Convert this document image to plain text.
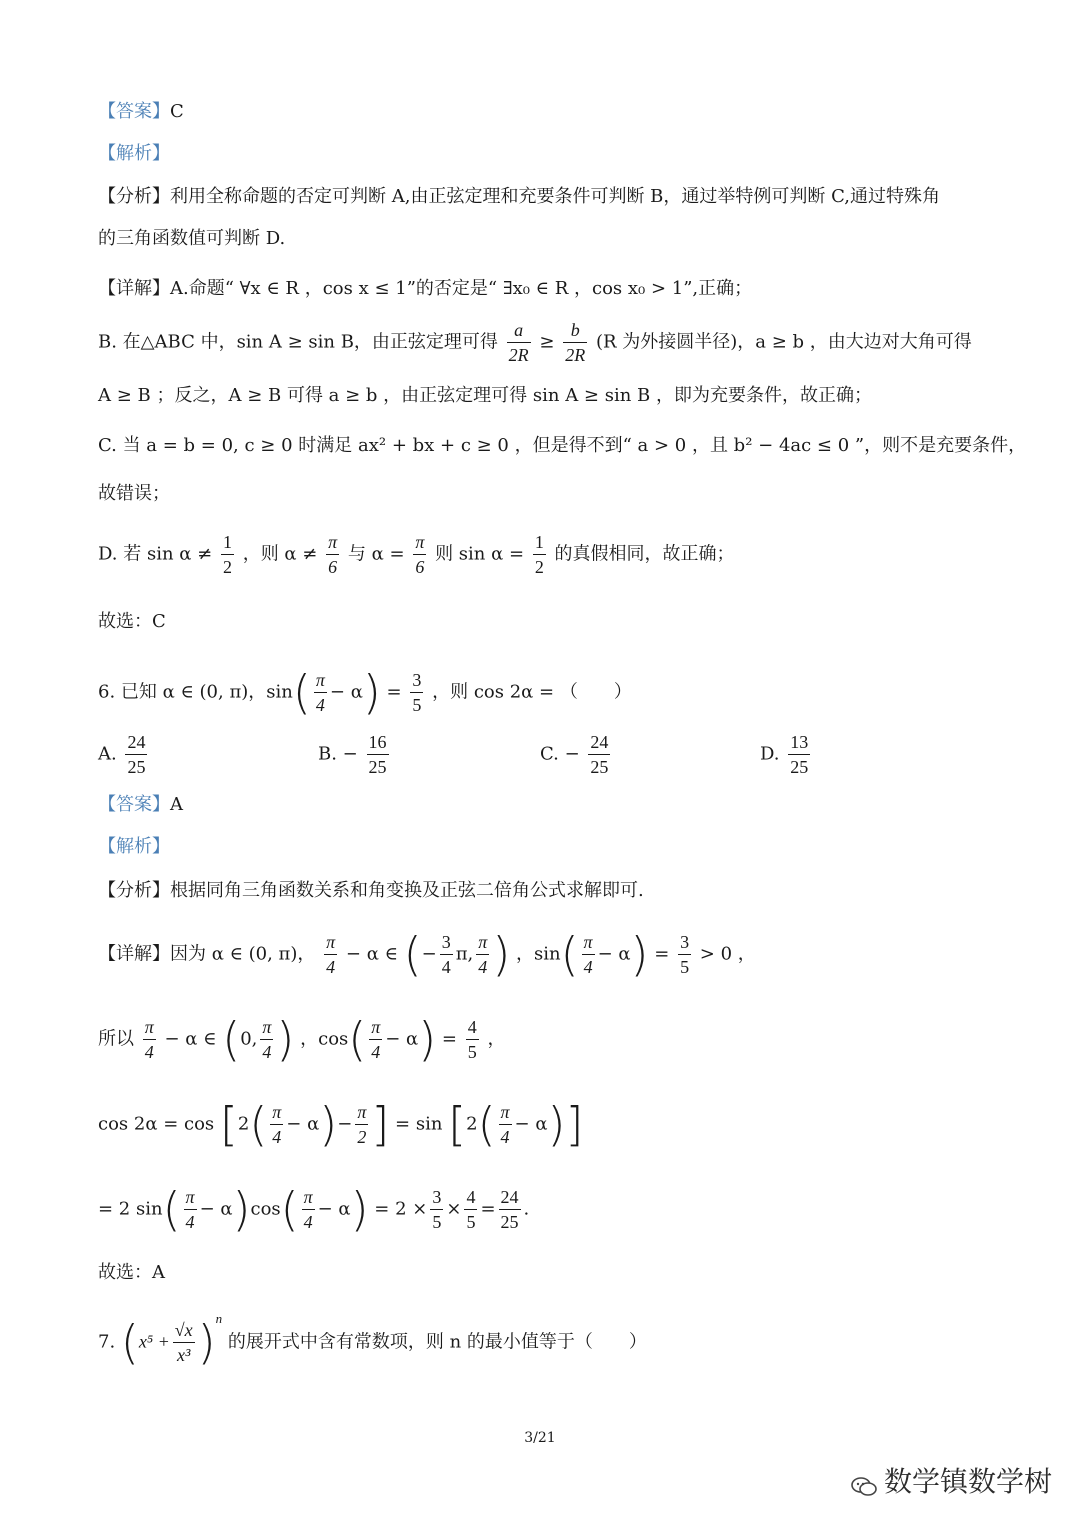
【答案】C
【解析】
【分析】利用全称命题的否定可判断 A,由正弦定理和充要条件可判断 B，通过举特例可判断 C,通过特殊角
的三角函数值可判断 D.
【详解】A.命题“ ∀x ∈ R ，cos x ≤ 1”的否定是“ ∃x₀ ∈ R ，cos x₀ > 1”,正确；
B. 在△ABC 中，sin A ≥ sin B，由正弦定理可得 $\frac{a}{2R} \ge \frac{b}{2R} (R$ 为外接圆半径)，a ≥ b ，由大边对大角可得
A ≥ B ；反之，A ≥ B 可得 a ≥ b ，由正弦定理可得 sin A ≥ sin B ，即为充要条件，故正确；
C. 当 a = b = 0, c ≥ 0 时满足 ax² + bx + c ≥ 0 ，但是得不到“ a > 0 ，且 b² − 4ac ≤ 0 ”，则不是充要条件，
故错误；
D. 若 $\sin \alpha \ne \frac{1}{2}$ ，则 $\alpha \ne \frac{\pi}{6}$ 与 $\alpha = \frac{\pi}{6}$ 则 $\sin \alpha = \frac{1}{2}$ 的真假相同，故正确；
故选：C
6. 已知 α ∈ (0, π)，$\sin( \frac{\pi}{4} - \alpha) = \frac{3}{5}$ ，则 cos 2α = （　　）
A. $\frac{24}{25}$	B. − $\frac{16}{25}$	C. − $\frac{24}{25}$	D. $\frac{13}{25}$
【答案】A
【解析】
【分析】根据同角三角函数关系和角变换及正弦二倍角公式求解即可.
【详解】因为 α ∈ (0, π)， $\frac{\pi}{4} - \alpha$ ∈ (− $\frac{3}{4} \pi$, $\frac{\pi}{4}$ ) ，$\sin( \frac{\pi}{4} - \alpha) = \frac{3}{5} > 0$ ，
所以 $\frac{\pi}{4} - \alpha$ ∈ (0, $\frac{\pi}{4}$ ) ，$\cos( \frac{\pi}{4} - \alpha) = \frac{4}{5}$ ，
$\cos 2\alpha = \cos [2( \frac{\pi}{4} - \alpha)- \frac{\pi}{2}$ ] = $\sin [2( \frac{\pi}{4} - \alpha)]$
= 2 $\sin( \frac{\pi}{4} - \alpha)\cos( \frac{\pi}{4} - \alpha) = 2 \times \frac{3}{5} \times \frac{4}{5} = \frac{24}{25}$ .
故选：A
7. $(x^5 + \frac{√x}{\text{x³}} )^n$ 的展开式中含有常数项，则 n 的最小值等于（　　）
3/21
数学镇数学树
